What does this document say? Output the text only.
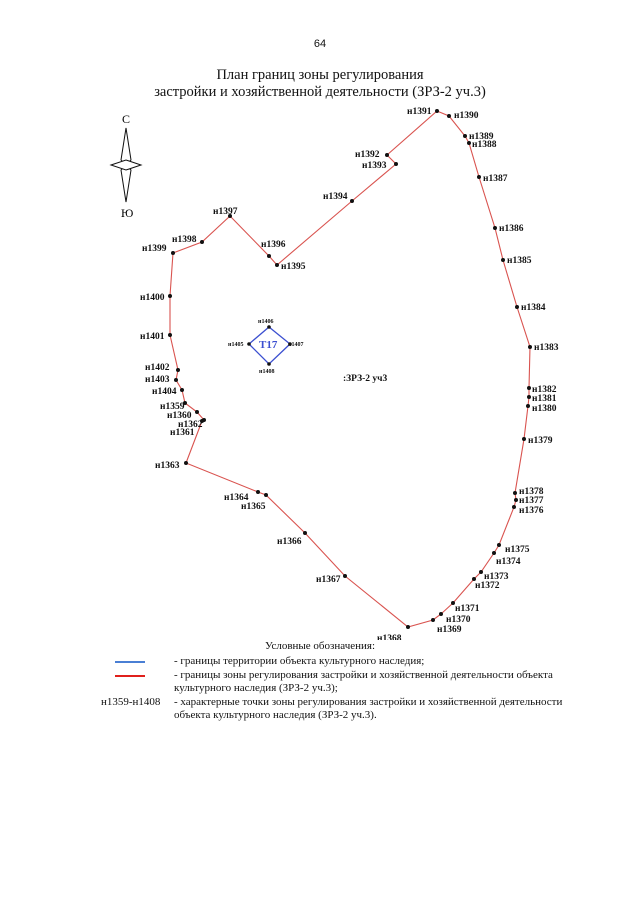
64
План границ зоны регулирования
застройки и хозяйственной деятельности (ЗРЗ-2 уч.3)
С
Ю
н1359
н1360
н1361
н1362
н1363
н1364
н1365
н1366
н1367
н1368
н1369
н1370
н1371
н1372
н1373
н1374
н1375
н1376
н1377
н1378
н1379
н1380
н1381
н1382
н1383
н1384
н1385
н1386
н1387
н1388
н1389
н1390
н1391
н1392
н1393
н1394
н1395
н1396
н1397
н1398
н1399
н1400
н1401
н1402
н1403
н1404
н1405
н1406
н1407
н1408
Т17
:ЗРЗ-2 уч3
Условные обозначения:
- границы территории объекта культурного наследия;
- границы зоны регулирования застройки и хозяйственной деятельности объекта
культурного наследия (ЗРЗ-2 уч.3);
н1359-н1408 - характерные точки зоны регулирования застройки и хозяйственной деятельности
объекта культурного наследия (ЗРЗ-2 уч.3).
